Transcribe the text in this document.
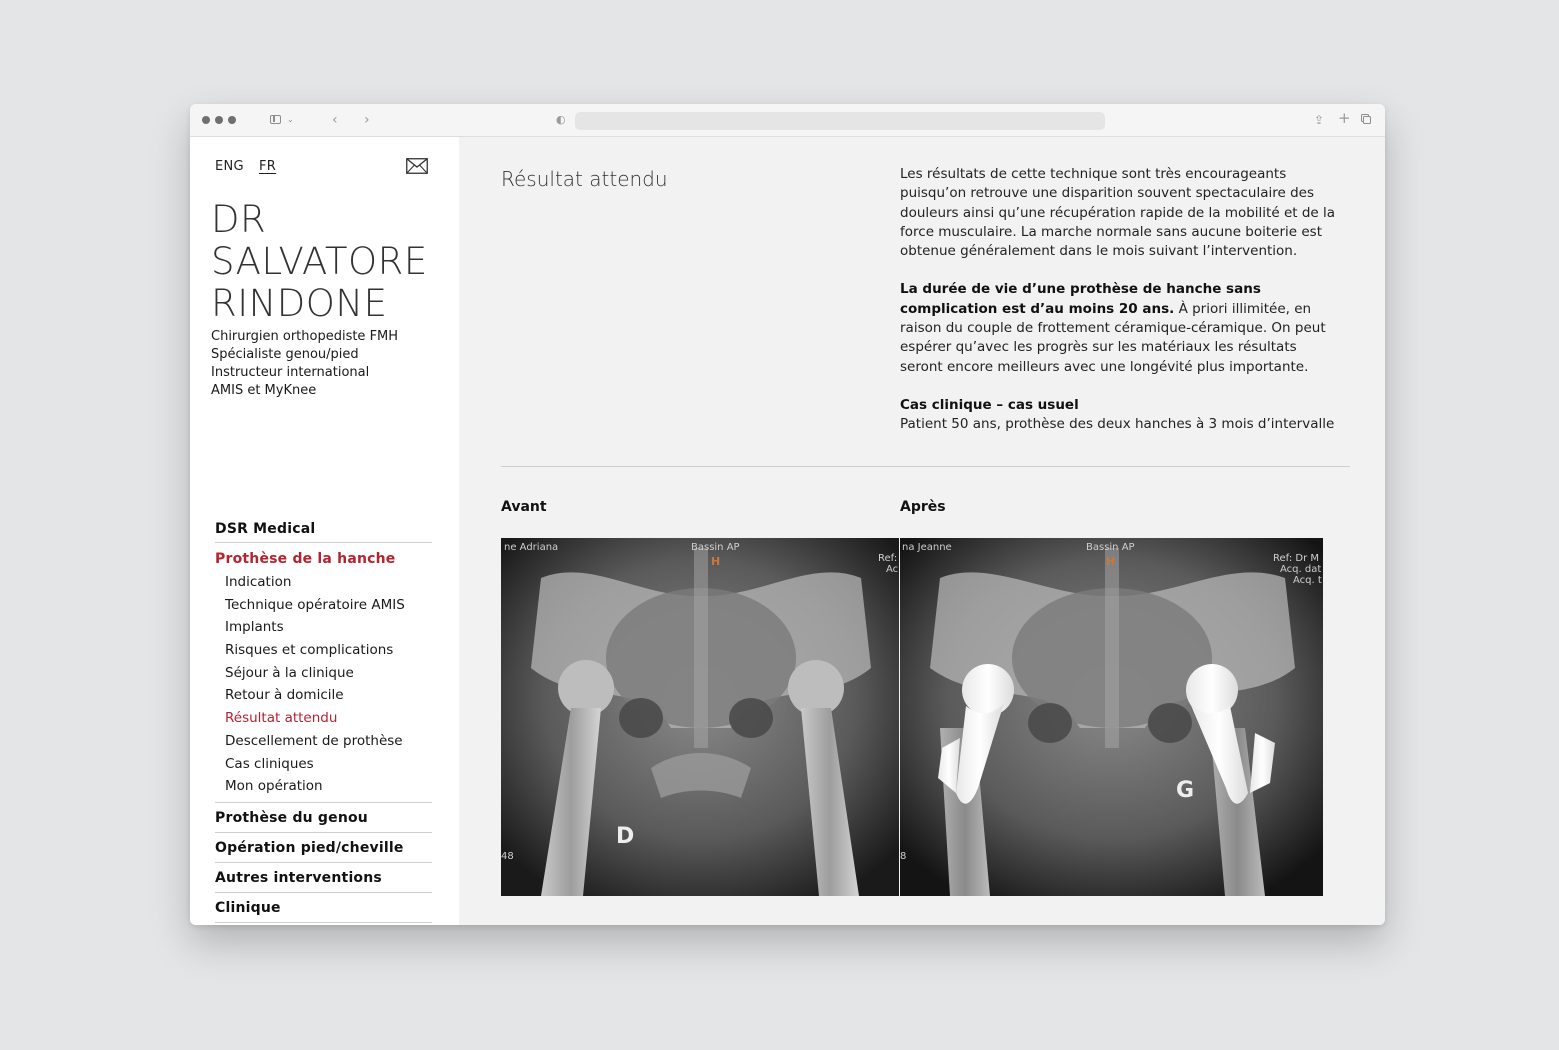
⌄	‹ ›	◐	⇪ +
ENG FR
DR
SALVATORE
RINDONE
Chirurgien orthopediste FMH
Spécialiste genou/pied
Instructeur international
AMIS et MyKnee
DSR Medical
Prothèse de la hanche
Indication
Technique opératoire AMIS
Implants
Risques et complications
Séjour à la clinique
Retour à domicile
Résultat attendu
Descellement de prothèse
Cas cliniques
Mon opération
Prothèse du genou
Opération pied/cheville
Autres interventions
Clinique
Résultat attendu	Les résultats de cette technique sont très encourageants puisqu’on retrouve une disparition souvent spectaculaire des douleurs ainsi qu’une récupération rapide de la mobilité et de la force musculaire. La marche normale sans aucune boiterie est obtenue généralement dans le mois suivant l’intervention.

La durée de vie d’une prothèse de hanche sans complication est d’au moins 20 ans. À priori illimitée, en raison du couple de frottement céramique-céramique. On peut espérer qu’avec les progrès sur les matériaux les résultats seront encore meilleurs avec une longévité plus importante.

Cas clinique – cas usuel
Patient 50 ans, prothèse des deux hanches à 3 mois d’intervalle

Avant	Après
ne Adriana	Bassin AP
H	Ref:
Ac
48
D
na Jeanne	Bassin AP
H	Ref: Dr M
Acq. dat
Acq. t
8
G
